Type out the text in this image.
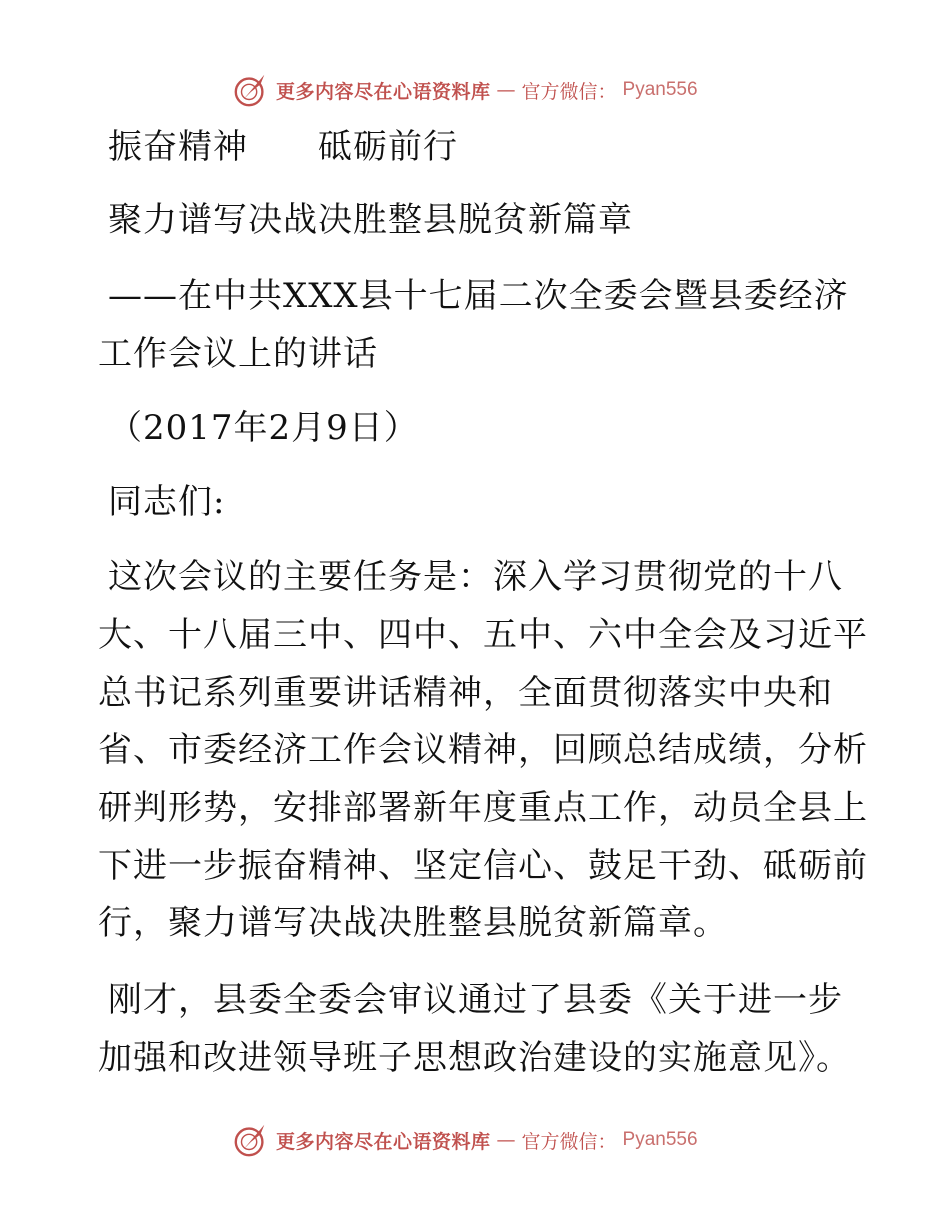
更多内容尽在心语资料库 — 官方微信： Pyan556
振奋精神　　砥砺前行
聚力谱写决战决胜整县脱贫新篇章
——在中共XXX县十七届二次全委会暨县委经济
工作会议上的讲话
（2017年2月9日）
同志们:
这次会议的主要任务是：深入学习贯彻党的十八
大、十八届三中、四中、五中、六中全会及习近平
总书记系列重要讲话精神，全面贯彻落实中央和
省、市委经济工作会议精神，回顾总结成绩，分析
研判形势，安排部署新年度重点工作，动员全县上
下进一步振奋精神、坚定信心、鼓足干劲、砥砺前
行，聚力谱写决战决胜整县脱贫新篇章。
刚才，县委全委会审议通过了县委《关于进一步
加强和改进领导班子思想政治建设的实施意见》。
更多内容尽在心语资料库 — 官方微信： Pyan556
